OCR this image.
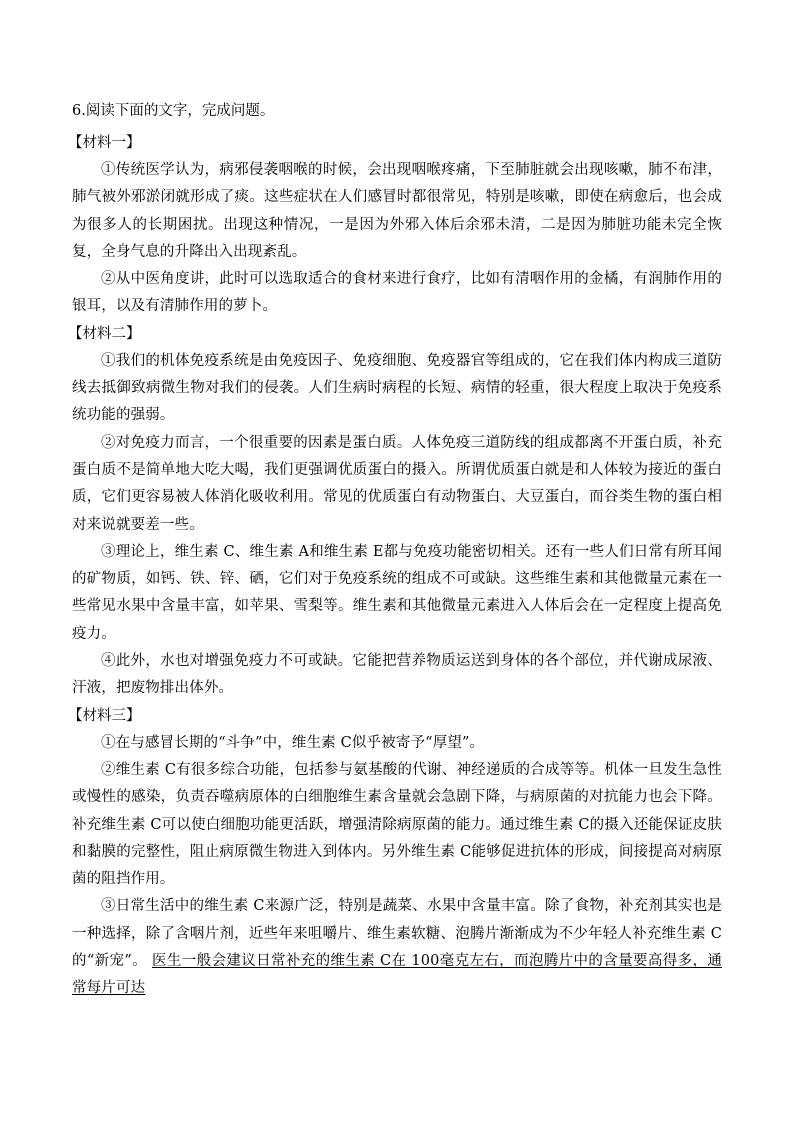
6.阅读下面的文字，完成问题。
【材料一】

①传统医学认为，病邪侵袭咽喉的时候，会出现咽喉疼痛，下至肺脏就会出现咳嗽，肺不布津，肺气被外邪淤闭就形成了痰。这些症状在人们感冒时都很常见，特别是咳嗽，即使在病愈后，也会成为很多人的长期困扰。出现这种情况，一是因为外邪入体后余邪未清，二是因为肺脏功能未完全恢复，全身气息的升降出入出现紊乱。

②从中医角度讲，此时可以选取适合的食材来进行食疗，比如有清咽作用的金橘，有润肺作用的银耳，以及有清肺作用的萝卜。

【材料二】

①我们的机体免疫系统是由免疫因子、免疫细胞、免疫器官等组成的，它在我们体内构成三道防线去抵御致病微生物对我们的侵袭。人们生病时病程的长短、病情的轻重，很大程度上取决于免疫系统功能的强弱。

②对免疫力而言，一个很重要的因素是蛋白质。人体免疫三道防线的组成都离不开蛋白质，补充蛋白质不是简单地大吃大喝，我们更强调优质蛋白的摄入。所谓优质蛋白就是和人体较为接近的蛋白质，它们更容易被人体消化吸收利用。常见的优质蛋白有动物蛋白、大豆蛋白，而谷类生物的蛋白相对来说就要差一些。

③理论上，维生素 C、维生素 A和维生素 E都与免疫功能密切相关。还有一些人们日常有所耳闻的矿物质，如钙、铁、锌、硒，它们对于免疫系统的组成不可或缺。这些维生素和其他微量元素在一些常见水果中含量丰富，如苹果、雪梨等。维生素和其他微量元素进入人体后会在一定程度上提高免疫力。

④此外，水也对增强免疫力不可或缺。它能把营养物质运送到身体的各个部位，并代谢成尿液、汗液，把废物排出体外。

【材料三】

①在与感冒长期的“斗争”中，维生素 C似乎被寄予“厚望”。

②维生素 C有很多综合功能，包括参与氨基酸的代谢、神经递质的合成等等。机体一旦发生急性或慢性的感染，负责吞噬病原体的白细胞维生素含量就会急剧下降，与病原菌的对抗能力也会下降。补充维生素 C可以使白细胞功能更活跃，增强清除病原菌的能力。通过维生素 C的摄入还能保证皮肤和黏膜的完整性，阻止病原微生物进入到体内。另外维生素 C能够促进抗体的形成，间接提高对病原菌的阻挡作用。

③日常生活中的维生素 C来源广泛，特别是蔬菜、水果中含量丰富。除了食物，补充剂其实也是一种选择，除了含咽片剂，近些年来咀嚼片、维生素软糖、泡腾片渐渐成为不少年轻人补充维生素 C的“新宠”。 医生一般会建议日常补充的维生素 C在 100毫克左右，而泡腾片中的含量要高得多，通常每片可达
